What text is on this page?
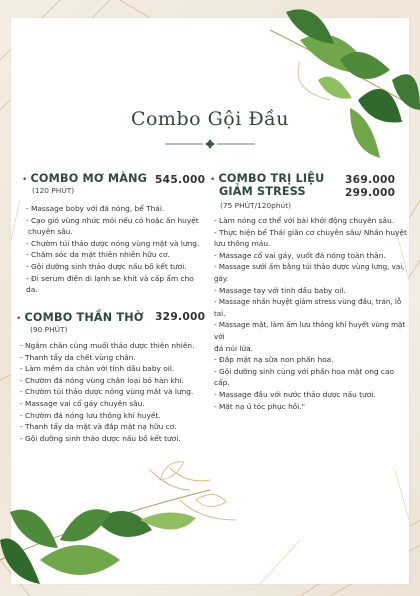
Combo Gội Đầu
• COMBO MƠ MÀNG
(120 PHÚT)
545.000
- Massage boby với đá nóng, bể Thái.
- Cạo gió vùng nhức mỏi nếu có hoặc ấn huyệt
chuyên sâu.
- Chườm túi thảo dược nóng vùng mặt và lưng.
- Chăm sóc da mặt thiên nhiên hữu cơ.
- Gội dưỡng sinh thảo dược nấu bồ kết tươi.
- Đi serum điện di lạnh se khít và cấp ẩm cho da.
• COMBO THẦN THỜ
(90 PHÚT)
329.000
- Ngâm chân cùng muối thảo dược thiên nhiên.
- Thanh tẩy da chết vùng chân.
- Làm mềm da chân với tinh dầu baby oil.
- Chườm đá nóng vùng chân loại bỏ hàn khí.
- Chườm túi thảo dược nóng vùng mắt và lưng.
- Massage vai cổ gáy chuyên sâu.
- Chườm đá nóng lưu thông khí huyết.
- Thanh tẩy da mặt và đắp mặt nạ hữu cơ.
- Gội dưỡng sinh thảo dược nấu bồ kết tươi.
• COMBO TRỊ LIỆU
GIẢM STRESS
(75 PHÚT/120phút)
369.000
299.000
- Làm nóng cơ thể với bài khởi động chuyên sâu.
- Thực hiện bể Thái giãn cơ chuyên sâu/ Nhấn huyệt
lưu thông máu.
- Massage cổ vai gáy, vuốt đá nóng toàn thân.
- Massage sưởi ấm bằng túi thảo dược vùng lưng, vai, gáy.
- Massage tay với tinh dầu baby oil.
- Massage nhấn huyệt giảm stress vùng đầu, trán, lỗ tai.
- Massage mặt, làm ấm lưu thông khí huyết vùng mặt với
đá núi lửa.
- Đắp mặt nạ sữa non phấn hoa.
- Gội dưỡng sinh cùng với phấn hoa mặt ong cao cấp.
- Massage đầu với nước thảo dược nấu tươi.
- Mặt nạ ủ tóc phục hồi."
